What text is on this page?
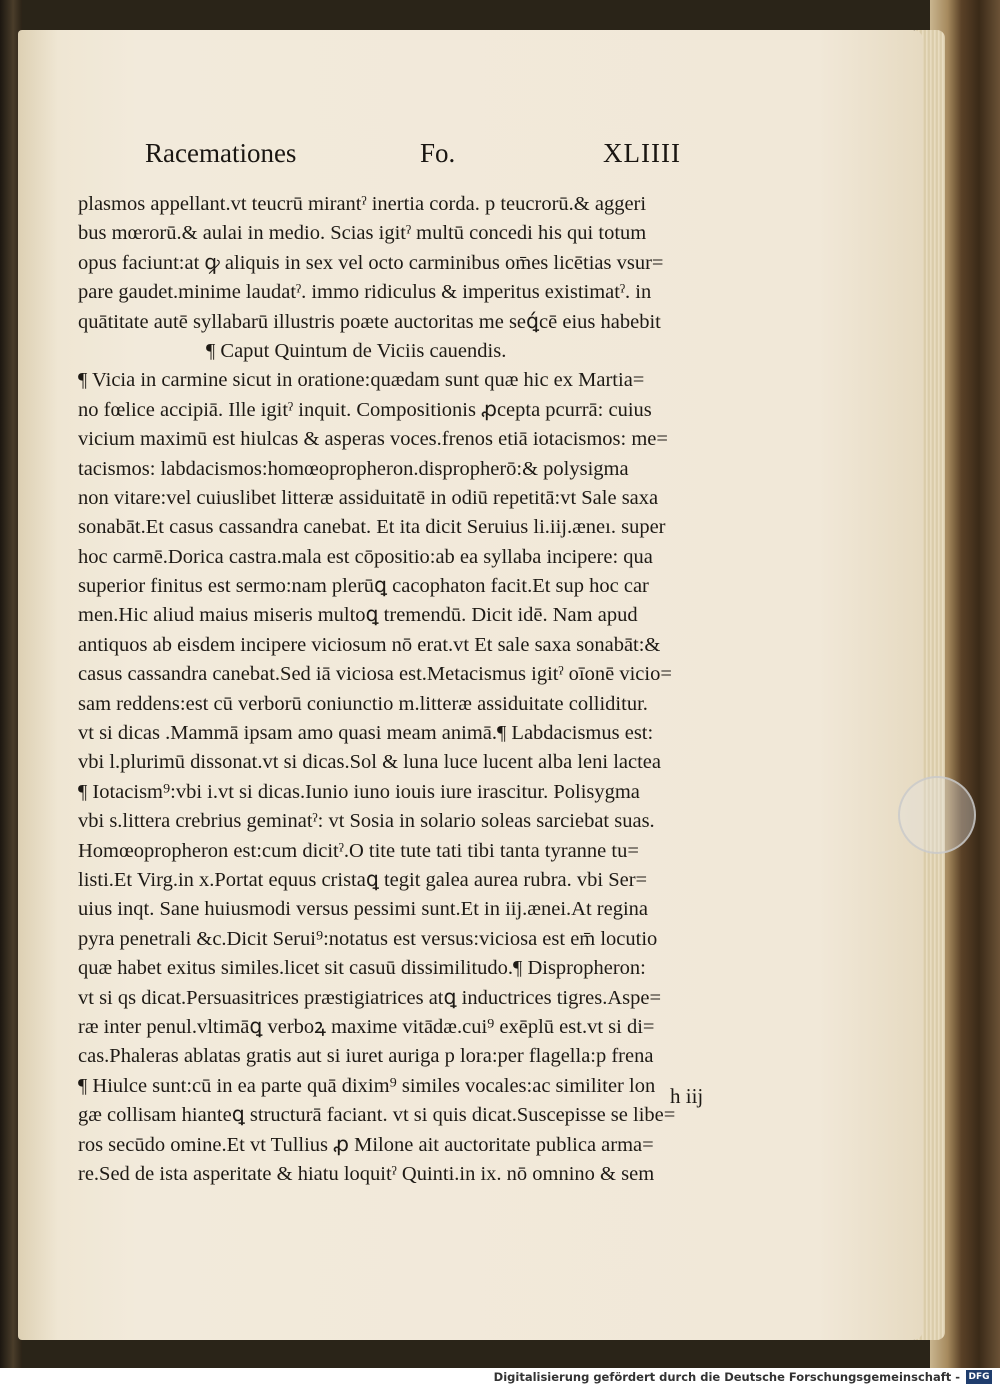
Racemationes	Fo.	XLIIII
plasmos appellant.vt teucrū mirantˀ inertia corda. p teucrorū.& aggeri
bus mœrorū.& aulai in medio. Scias igitˀ multū concedi his qui totum
opus faciunt:at ꝙ aliquis in sex vel octo carminibus om̄es licētias vsur=
pare gaudet.minime laudatˀ. immo ridiculus & imperitus existimatˀ. in
quātitate autē syllabarū illustris poæte auctoritas me seꝗ́cē eius habebit
¶ Caput Quintum de Viciis cauendis.
¶ Vicia in carmine sicut in oratione:quædam sunt quæ hic ex Martia=
no fœlice accipiā. Ille igitˀ inquit. Compositionis ꝓcepta pcurrā: cuius
vicium maximū est hiulcas & asperas voces.frenos etiā iotacismos: me=
tacismos: labdacismos:homœopropheron.dispropherō:& polysigma
non vitare:vel cuiuslibet litteræ assiduitatē in odiū repetitā:vt Sale saxa
sonabāt.Et casus cassandra canebat. Et ita dicit Seruius li.iij.æneı. super
hoc carmē.Dorica castra.mala est cōpositio:ab ea syllaba incipere: qua
superior finitus est sermo:nam plerūꝗ cacophaton facit.Et sup hoc car
men.Hic aliud maius miseris multoꝗ tremendū. Dicit idē. Nam apud
antiquos ab eisdem incipere viciosum nō erat.vt Et sale saxa sonabāt:&
casus cassandra canebat.Sed iā viciosa est.Metacismus igitˀ oīonē vicio=
sam reddens:est cū verborū coniunctio m.litteræ assiduitate colliditur.
vt si dicas .Mammā ipsam amo quasi meam animā.¶ Labdacismus est:
vbi l.plurimū dissonat.vt si dicas.Sol & luna luce lucent alba leni lactea
¶ Iotacism⁹:vbi i.vt si dicas.Iunio iuno iouis iure irascitur. Polisygma
vbi s.littera crebrius geminatˀ: vt Sosia in solario soleas sarciebat suas.
Homœopropheron est:cum dicitˀ.O tite tute tati tibi tanta tyranne tu=
listi.Et Virg.in x.Portat equus cristaꝗ tegit galea aurea rubra. vbi Ser=
uius inqt. Sane huiusmodi versus pessimi sunt.Et in iij.ænei.At regina
pyra penetrali &c.Dicit Serui⁹:notatus est versus:viciosa est em̄ locutio
quæ habet exitus similes.licet sit casuū dissimilitudo.¶ Dispropheron:
vt si qs dicat.Persuasitrices præstigiatrices atꝗ inductrices tigres.Aspe=
ræ inter penul.vltimāꝗ verboꝝ maxime vitādæ.cui⁹ exēplū est.vt si di=
cas.Phaleras ablatas gratis aut si iuret auriga p lora:per flagella:p frena
¶ Hiulce sunt:cū in ea parte quā dixim⁹ similes vocales:ac similiter lon
gæ collisam hianteꝗ structurā faciant. vt si quis dicat.Suscepisse se libe=
ros secūdo omine.Et vt Tullius ꝓ Milone ait auctoritate publica arma=
re.Sed de ista asperitate & hiatu loquitˀ Quinti.in ix. nō omnino & sem
h iij
Digitalisierung gefördert durch die Deutsche Forschungsgemeinschaft - DFG
